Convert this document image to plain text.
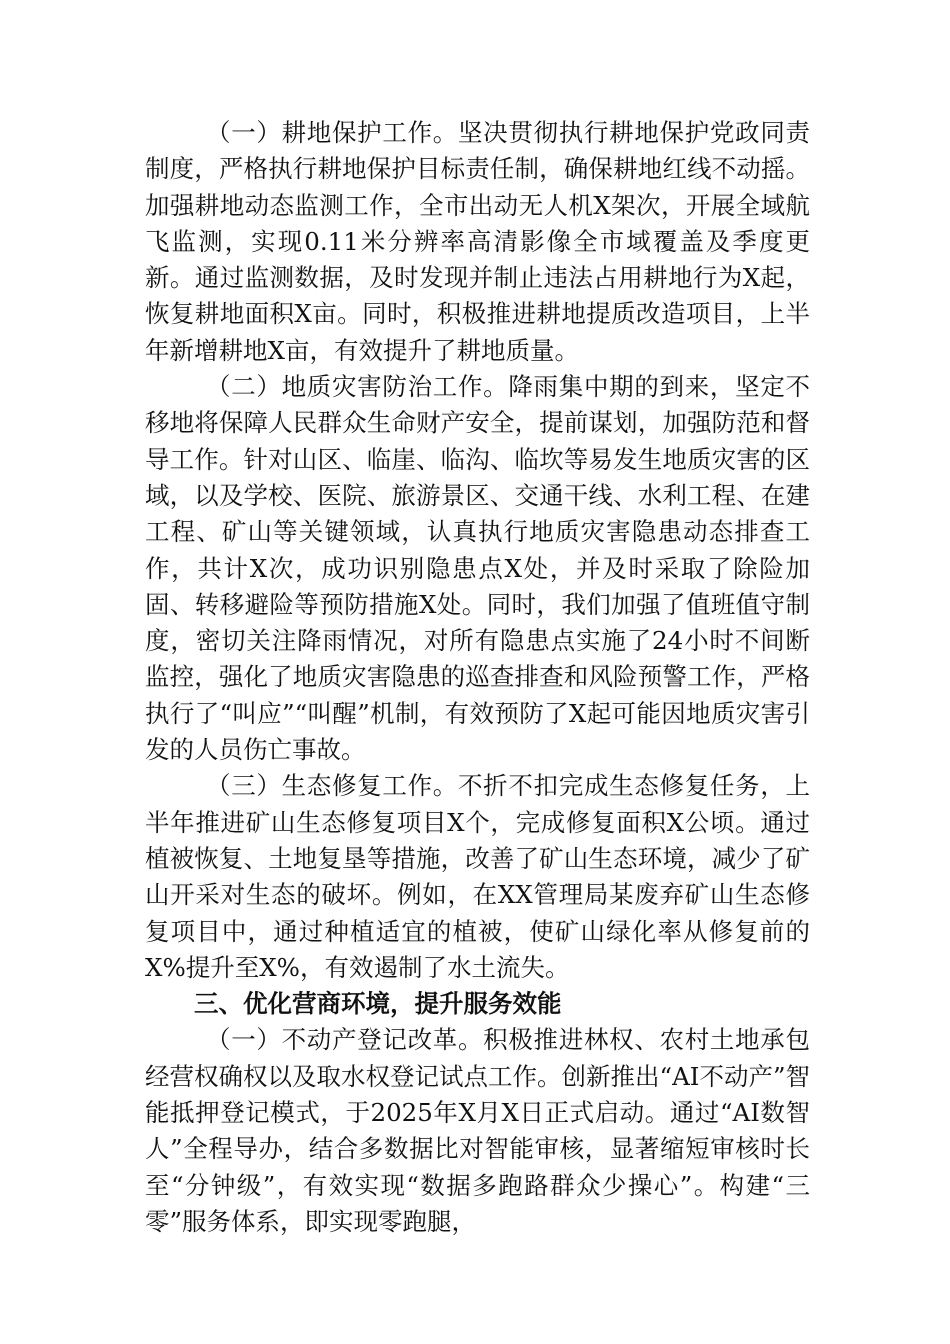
（一）耕地保护工作。坚决贯彻执行耕地保护党政同责制度，严格执行耕地保护目标责任制，确保耕地红线不动摇。加强耕地动态监测工作，全市出动无人机X架次，开展全域航飞监测，实现0.11米分辨率高清影像全市域覆盖及季度更新。通过监测数据，及时发现并制止违法占用耕地行为X起，恢复耕地面积X亩。同时，积极推进耕地提质改造项目，上半年新增耕地X亩，有效提升了耕地质量。

（二）地质灾害防治工作。降雨集中期的到来，坚定不移地将保障人民群众生命财产安全，提前谋划，加强防范和督导工作。针对山区、临崖、临沟、临坎等易发生地质灾害的区域，以及学校、医院、旅游景区、交通干线、水利工程、在建工程、矿山等关键领域，认真执行地质灾害隐患动态排查工作，共计X次，成功识别隐患点X处，并及时采取了除险加固、转移避险等预防措施X处。同时，我们加强了值班值守制度，密切关注降雨情况，对所有隐患点实施了24小时不间断监控，强化了地质灾害隐患的巡查排查和风险预警工作，严格执行了“叫应”“叫醒”机制，有效预防了X起可能因地质灾害引发的人员伤亡事故。

（三）生态修复工作。不折不扣完成生态修复任务，上半年推进矿山生态修复项目X个，完成修复面积X公顷。通过植被恢复、土地复垦等措施，改善了矿山生态环境，减少了矿山开采对生态的破坏。例如，在XX管理局某废弃矿山生态修复项目中，通过种植适宜的植被，使矿山绿化率从修复前的X%提升至X%，有效遏制了水土流失。

三、优化营商环境，提升服务效能

（一）不动产登记改革。积极推进林权、农村土地承包经营权确权以及取水权登记试点工作。创新推出“AI不动产”智能抵押登记模式，于2025年X月X日正式启动。通过“AI数智人”全程导办，结合多数据比对智能审核，显著缩短审核时长至“分钟级”，有效实现“数据多跑路群众少操心”。构建“三零”服务体系，即实现零跑腿，
